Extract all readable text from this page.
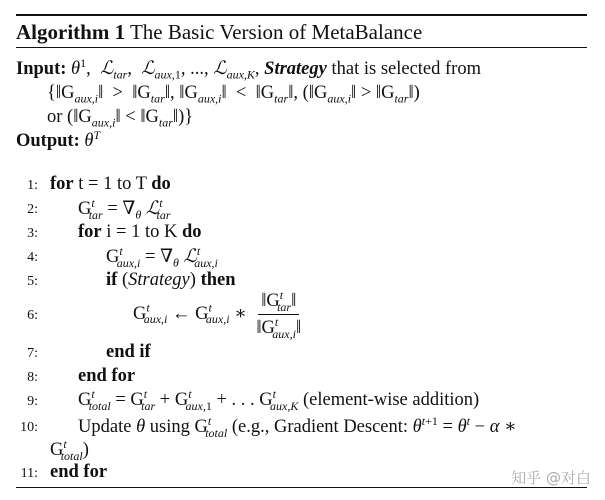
Algorithm 1 The Basic Version of MetaBalance
Input: $\theta^1$,  ℒ$_{tar}$,  ℒ$_{aux,1}$, ..., ℒ$_{aux,K}$, Strategy that is selected from
{$‖G_{aux,i}‖$  >  $‖G_{tar}‖$, $‖G_{aux,i}‖$  <  $‖G_{tar}‖$, ($‖G_{aux,i}‖$ > $‖G_{tar}‖$)
or ($‖G_{aux,i}‖$ < $‖G_{tar}‖$)}
Output: $\theta^T$
1:
2:
3:
4:
5:
6:
7:
8:
9:
10:
11:
for t = 1 to T do
$G^t_{tar} = \nabla_\theta$ ℒ$^t_{tar}$
for i = 1 to K do
$G^t_{aux,i} = \nabla_\theta$ ℒ$^t_{aux,i}$
if (Strategy) then
$G^t_{aux,i}$ ← $G^t_{aux,i}$ ∗ $\frac{‖G^t_{tar}‖}{‖G^t_{aux,i}‖}$
end if
end for
$G^t_{total} = G^t_{tar} + G^t_{aux,1}$ + . . . $G^t_{aux,K}$ (element-wise addition)
Update θ using $G^t_{total}$ (e.g., Gradient Descent: $\theta^{t+1} = \theta^t - \alpha$ ∗
$G^t_{total}$)
end for	知乎 @对白
